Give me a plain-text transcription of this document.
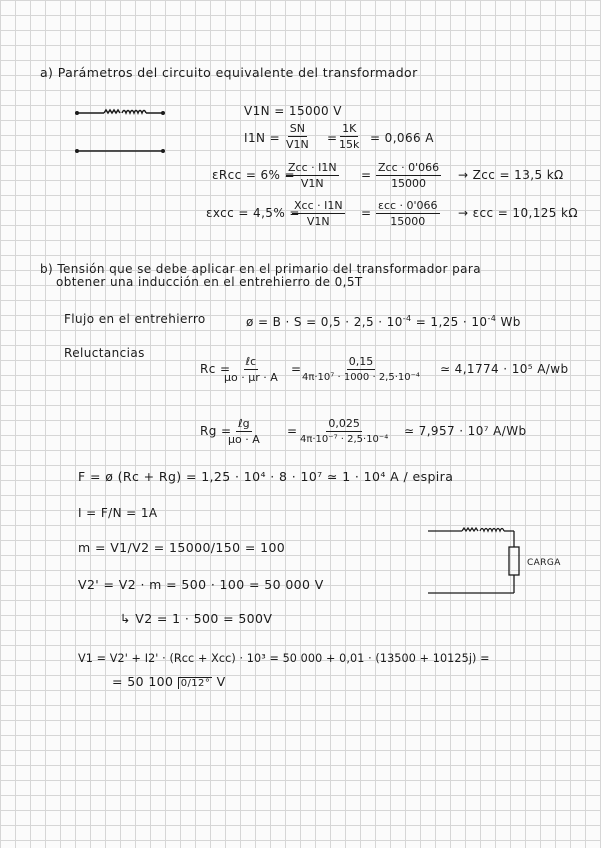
a) Parámetros del circuito equivalente del transformador
V1N = 15000 V
$I1N = \frac{SN}{V1N} = \frac{1K}{15k} = 0,066$ A
εRcc = 6% =
Zcc · I1N
V1N
=
Zcc · 0'066
15000
→ Zcc = 13,5 kΩ
εxcc = 4,5% =
Xcc · I1N
V1N
=
εcc · 0'066
15000
→ εcc = 10,125 kΩ
b) Tensión que se debe aplicar en el primario del transformador para
obtener una inducción en el entrehierro de 0,5T
Flujo en el entrehierro	ø = $B \cdot S = 0,5 \cdot 2,5 \cdot 10^{-4} = 1,25 \cdot 10^{-4}$ Wb
Reluctancias
Rc =
ℓc
μo · μr · A
= $\frac{0,15}{\text{4π·10⁷ · 1000 · 2,5·10⁻⁴}}$ ≃ 4,1774 · 10⁵ A/wb
Rg =
ℓg
μo · A
= $\frac{0,025}{\text{4π·10⁻⁷ · 2,5·10⁻⁴}}$ ≃ 7,957 · 10⁷ A/Wb
F = ø (Rc + Rg) = 1,25 · 10⁴ · 8 · 10⁷ ≃ 1 · 10⁴ A / espira
I = F/N = 1A
m = V1/V2 = 15000/150 = 100
V2' = V2 · m = 500 · 100 = 50 000 V
↳ V2 = 1 · 500 = 500V
V1 = V2' + I2' · (Rcc + Xcc) · 10³ = 50 000 + 0,01 · (13500 + 10125j) =
= 50 100 0/12° V
CARGA
